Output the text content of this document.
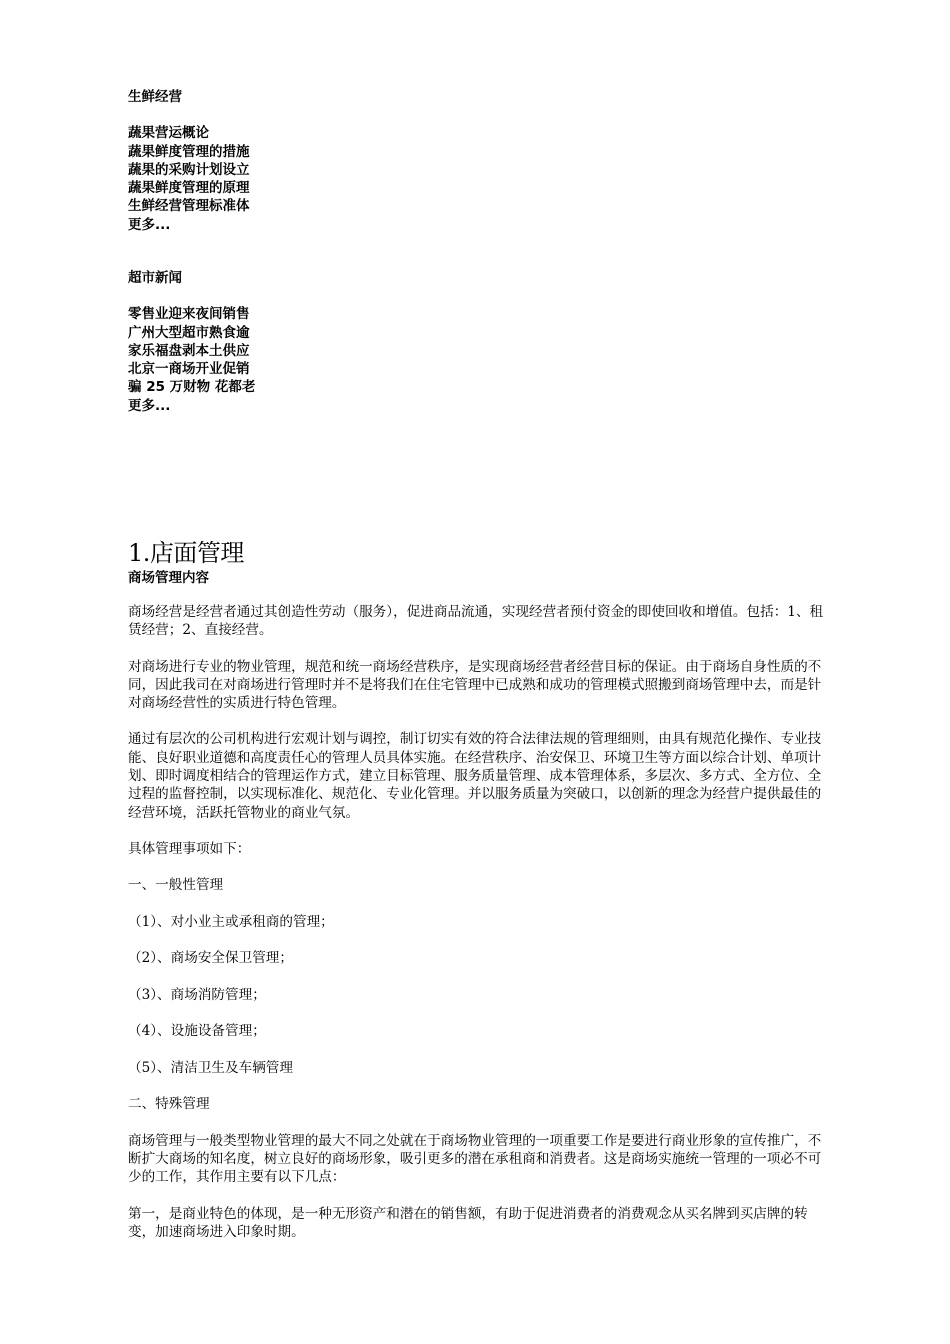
生鲜经营
蔬果营运概论
蔬果鲜度管理的措施
蔬果的采购计划设立
蔬果鲜度管理的原理
生鲜经营管理标准体
更多...
超市新闻
零售业迎来夜间销售
广州大型超市熟食逾
家乐福盘剥本土供应
北京一商场开业促销
骗 25 万财物 花都老
更多...
1.店面管理
商场管理内容

商场经营是经营者通过其创造性劳动（服务），促进商品流通，实现经营者预付资金的即使回收和增值。包括：1、租赁经营；2、直接经营。

对商场进行专业的物业管理，规范和统一商场经营秩序，是实现商场经营者经营目标的保证。由于商场自身性质的不同，因此我司在对商场进行管理时并不是将我们在住宅管理中已成熟和成功的管理模式照搬到商场管理中去，而是针对商场经营性的实质进行特色管理。

通过有层次的公司机构进行宏观计划与调控，制订切实有效的符合法律法规的管理细则，由具有规范化操作、专业技能、良好职业道德和高度责任心的管理人员具体实施。在经营秩序、治安保卫、环境卫生等方面以综合计划、单项计划、即时调度相结合的管理运作方式，建立目标管理、服务质量管理、成本管理体系，多层次、多方式、全方位、全过程的监督控制，以实现标准化、规范化、专业化管理。并以服务质量为突破口，以创新的理念为经营户提供最佳的经营环境，活跃托管物业的商业气氛。

具体管理事项如下：

一、一般性管理

（1）、对小业主或承租商的管理；

（2）、商场安全保卫管理；

（3）、商场消防管理；

（4）、设施设备管理；

（5）、清洁卫生及车辆管理

二、特殊管理

商场管理与一般类型物业管理的最大不同之处就在于商场物业管理的一项重要工作是要进行商业形象的宣传推广，不断扩大商场的知名度，树立良好的商场形象，吸引更多的潜在承租商和消费者。这是商场实施统一管理的一项必不可少的工作，其作用主要有以下几点：

第一，是商业特色的体现，是一种无形资产和潜在的销售额，有助于促进消费者的消费观念从买名牌到买店牌的转变，加速商场进入印象时期。
